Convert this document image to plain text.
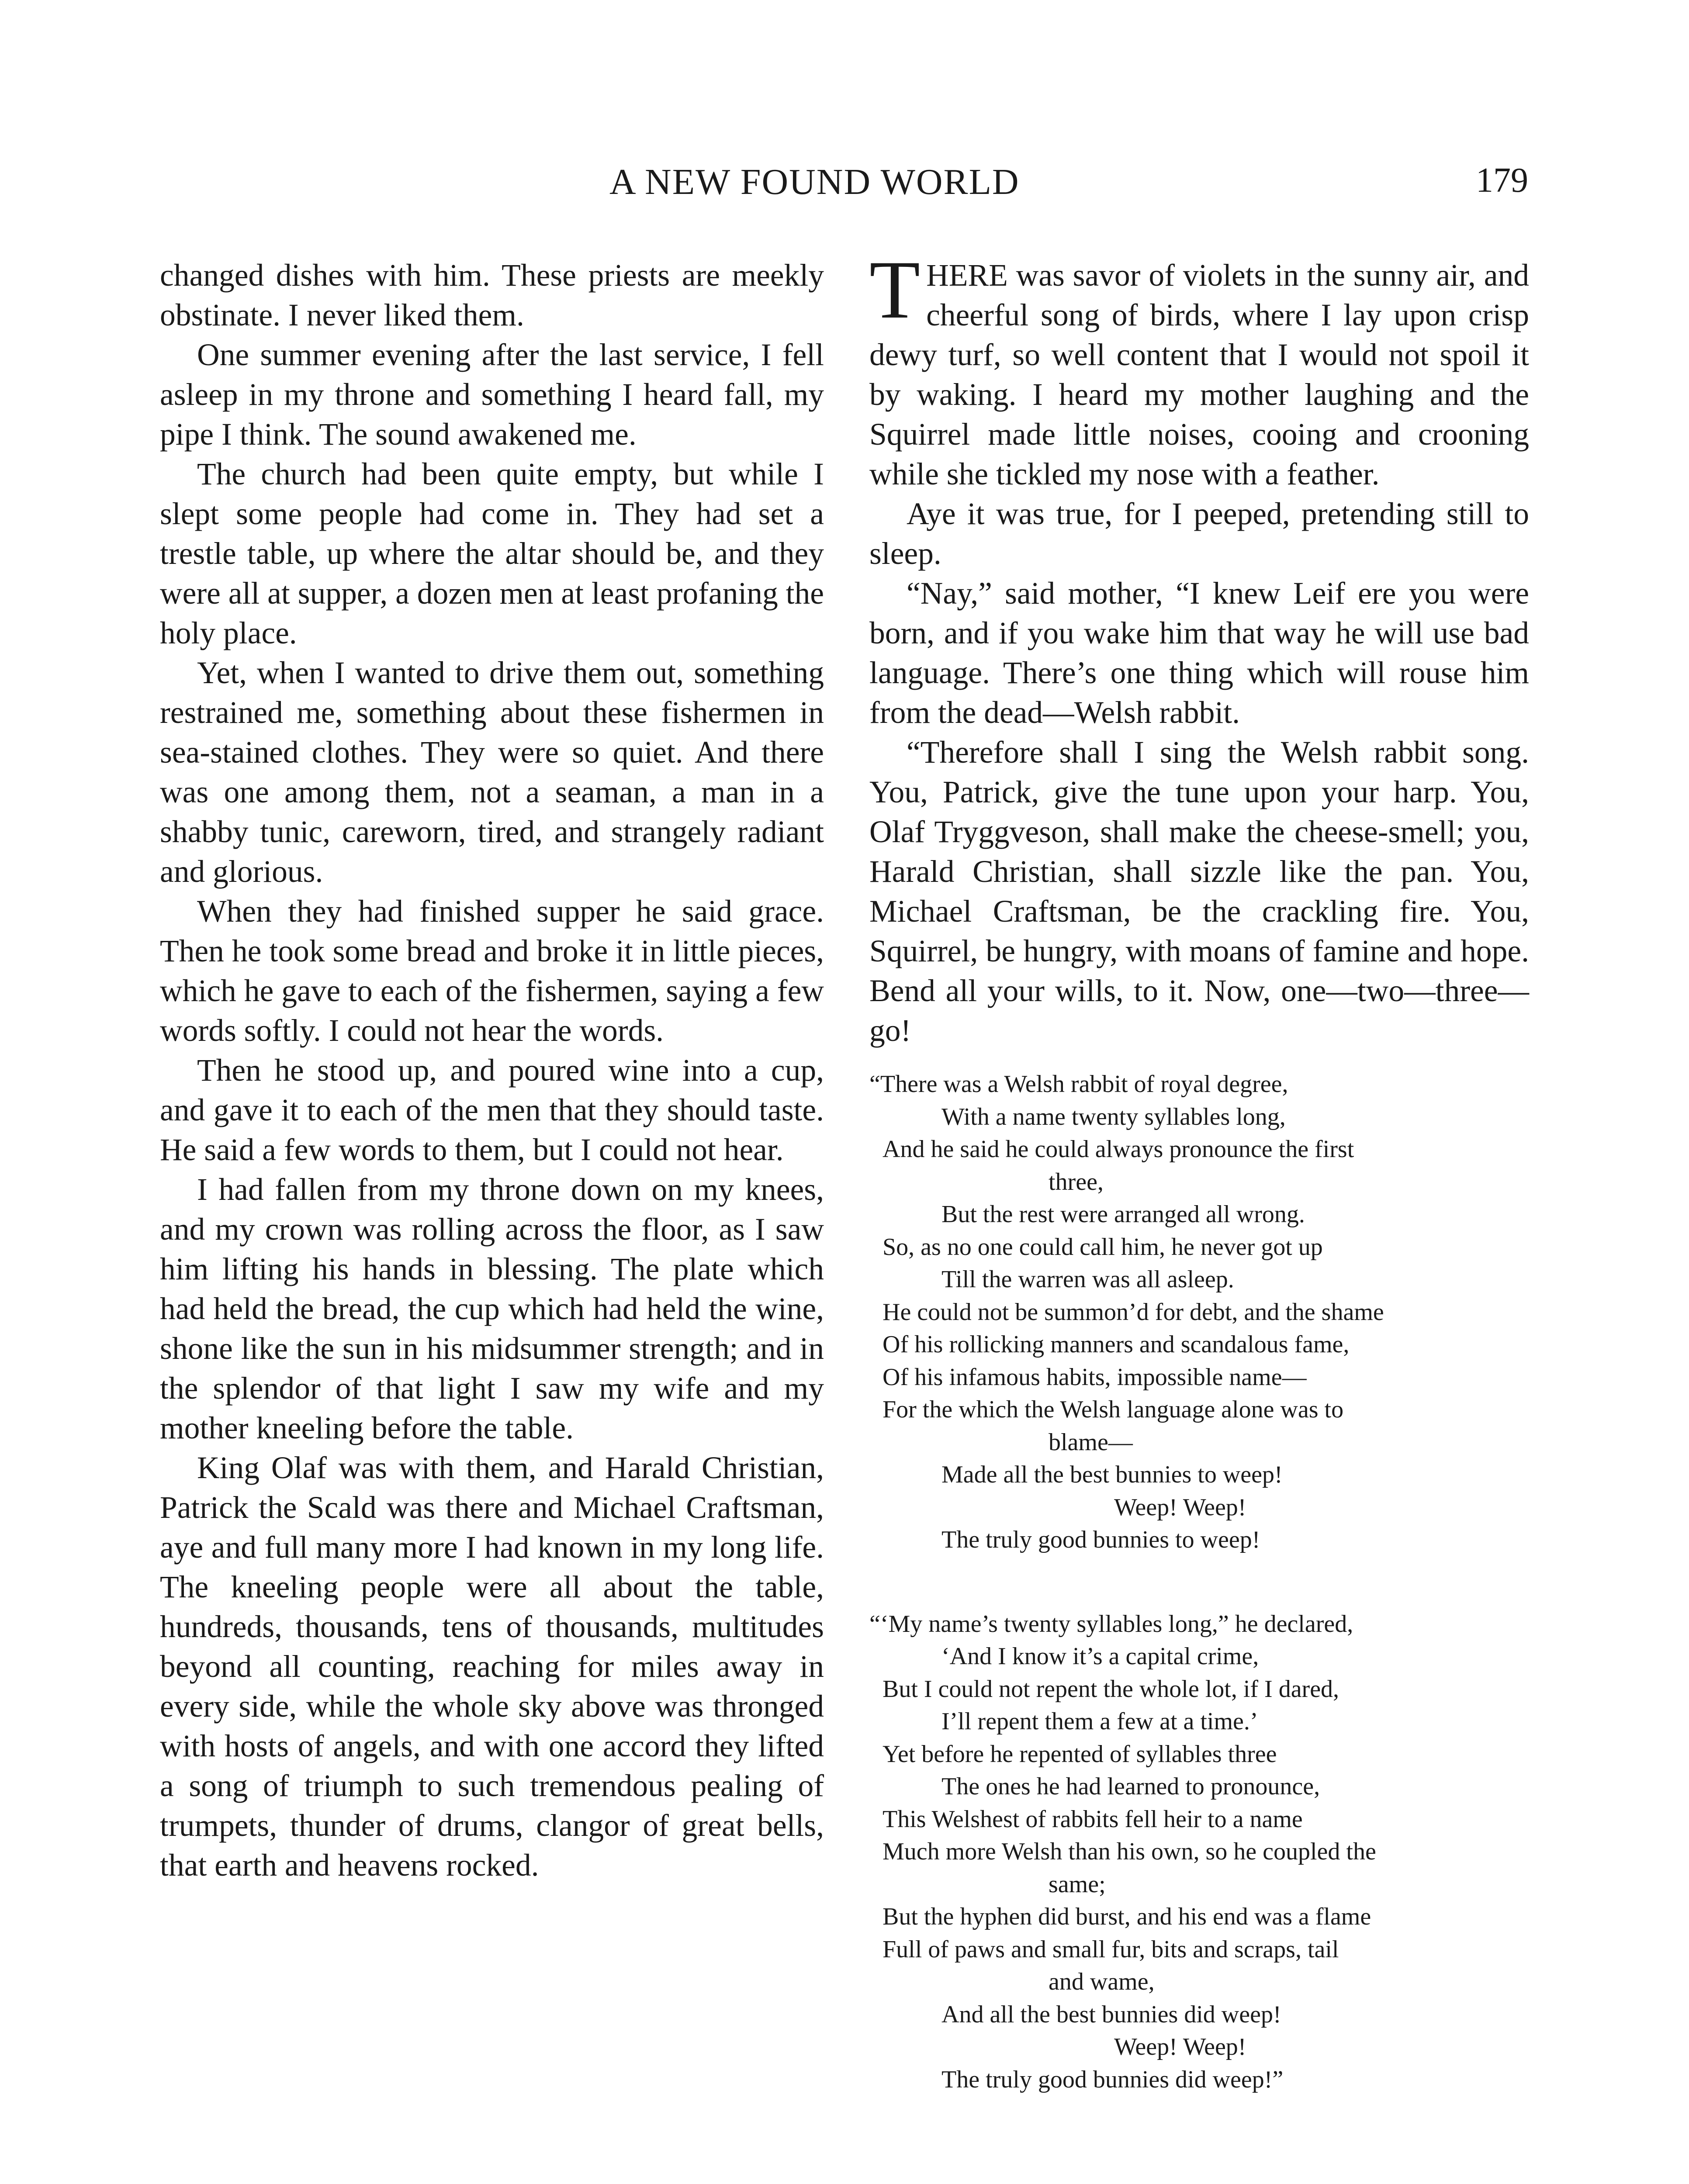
A NEW FOUND WORLD	179

changed dishes with him. These priests are meekly obstinate. I never liked them.

One summer evening after the last service, I fell asleep in my throne and something I heard fall, my pipe I think. The sound awakened me.

The church had been quite empty, but while I slept some people had come in. They had set a trestle table, up where the altar should be, and they were all at supper, a dozen men at least profaning the holy place.

Yet, when I wanted to drive them out, something restrained me, something about these fishermen in sea-stained clothes. They were so quiet. And there was one among them, not a seaman, a man in a shabby tunic, careworn, tired, and strangely radiant and glorious.

When they had finished supper he said grace. Then he took some bread and broke it in little pieces, which he gave to each of the fishermen, saying a few words softly. I could not hear the words.

Then he stood up, and poured wine into a cup, and gave it to each of the men that they should taste. He said a few words to them, but I could not hear.

I had fallen from my throne down on my knees, and my crown was rolling across the floor, as I saw him lifting his hands in blessing. The plate which had held the bread, the cup which had held the wine, shone like the sun in his midsummer strength; and in the splendor of that light I saw my wife and my mother kneeling before the table.

King Olaf was with them, and Harald Christian, Patrick the Scald was there and Michael Craftsman, aye and full many more I had known in my long life. The kneeling people were all about the table, hundreds, thousands, tens of thousands, multitudes beyond all counting, reaching for miles away in every side, while the whole sky above was thronged with hosts of angels, and with one accord they lifted a song of triumph to such tremendous pealing of trumpets, thunder of drums, clangor of great bells, that earth and heavens rocked.

THERE was savor of violets in the sunny air, and cheerful song of birds, where I lay upon crisp dewy turf, so well content that I would not spoil it by waking. I heard my mother laughing and the Squirrel made little noises, cooing and crooning while she tickled my nose with a feather.

Aye it was true, for I peeped, pretending still to sleep.

“Nay,” said mother, “I knew Leif ere you were born, and if you wake him that way he will use bad language. There’s one thing which will rouse him from the dead—Welsh rabbit.

“Therefore shall I sing the Welsh rabbit song. You, Patrick, give the tune upon your harp. You, Olaf Tryggveson, shall make the cheese-smell; you, Harald Christian, shall sizzle like the pan. You, Michael Craftsman, be the crackling fire. You, Squirrel, be hungry, with moans of famine and hope. Bend all your wills, to it. Now, one—two—three—go!

“There was a Welsh rabbit of royal degree,
With a name twenty syllables long,
And he said he could always pronounce the first
three,
But the rest were arranged all wrong.
So, as no one could call him, he never got up
Till the warren was all asleep.
He could not be summon’d for debt, and the shame
Of his rollicking manners and scandalous fame,
Of his infamous habits, impossible name—
For the which the Welsh language alone was to
blame—
Made all the best bunnies to weep!
Weep! Weep!
The truly good bunnies to weep!
“‘My name’s twenty syllables long,” he declared,
‘And I know it’s a capital crime,
But I could not repent the whole lot, if I dared,
I’ll repent them a few at a time.’
Yet before he repented of syllables three
The ones he had learned to pronounce,
This Welshest of rabbits fell heir to a name
Much more Welsh than his own, so he coupled the
same;
But the hyphen did burst, and his end was a flame
Full of paws and small fur, bits and scraps, tail
and wame,
And all the best bunnies did weep!
Weep! Weep!
The truly good bunnies did weep!”
